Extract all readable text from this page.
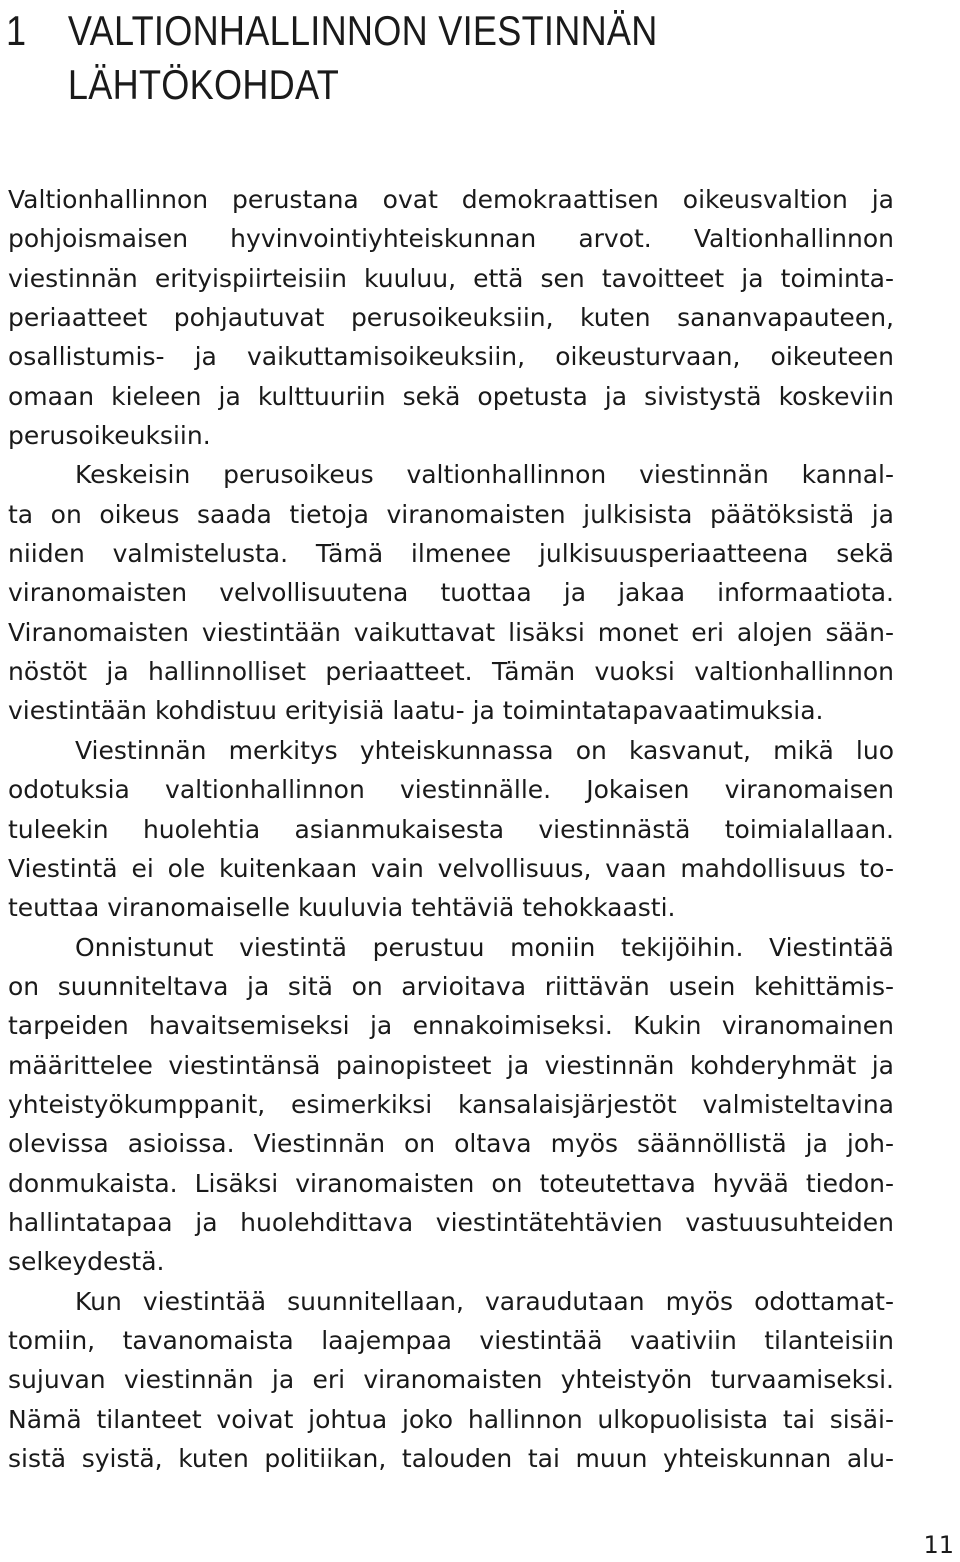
1 VALTIONHALLINNON VIESTINNÄN LÄHTÖKOHDAT
Valtionhallinnon perustana ovat demokraattisen oikeusvaltion ja
pohjoismaisen hyvinvointiyhteiskunnan arvot. Valtionhallinnon
viestinnän erityispiirteisiin kuuluu, että sen tavoitteet ja toiminta-
periaatteet pohjautuvat perusoikeuksiin, kuten sananvapauteen,
osallistumis- ja vaikuttamisoikeuksiin, oikeusturvaan, oikeuteen
omaan kieleen ja kulttuuriin sekä opetusta ja sivistystä koskeviin
perusoikeuksiin.
Keskeisin perusoikeus valtionhallinnon viestinnän kannal-
ta on oikeus saada tietoja viranomaisten julkisista päätöksistä ja
niiden valmistelusta. Tämä ilmenee julkisuusperiaatteena sekä
viranomaisten velvollisuutena tuottaa ja jakaa informaatiota.
Viranomaisten viestintään vaikuttavat lisäksi monet eri alojen sään-
nöstöt ja hallinnolliset periaatteet. Tämän vuoksi valtionhallinnon
viestintään kohdistuu erityisiä laatu- ja toimintatapavaatimuksia.
Viestinnän merkitys yhteiskunnassa on kasvanut, mikä luo
odotuksia valtionhallinnon viestinnälle. Jokaisen viranomaisen
tuleekin huolehtia asianmukaisesta viestinnästä toimialallaan.
Viestintä ei ole kuitenkaan vain velvollisuus, vaan mahdollisuus to-
teuttaa viranomaiselle kuuluvia tehtäviä tehokkaasti.
Onnistunut viestintä perustuu moniin tekijöihin. Viestintää
on suunniteltava ja sitä on arvioitava riittävän usein kehittämis-
tarpeiden havaitsemiseksi ja ennakoimiseksi. Kukin viranomainen
määrittelee viestintänsä painopisteet ja viestinnän kohderyhmät ja
yhteistyökumppanit, esimerkiksi kansalaisjärjestöt valmisteltavina
olevissa asioissa. Viestinnän on oltava myös säännöllistä ja joh-
donmukaista. Lisäksi viranomaisten on toteutettava hyvää tiedon-
hallintatapaa ja huolehdittava viestintätehtävien vastuusuhteiden
selkeydestä.
Kun viestintää suunnitellaan, varaudutaan myös odottamat-
tomiin, tavanomaista laajempaa viestintää vaativiin tilanteisiin
sujuvan viestinnän ja eri viranomaisten yhteistyön turvaamiseksi.
Nämä tilanteet voivat johtua joko hallinnon ulkopuolisista tai sisäi-
sistä syistä, kuten politiikan, talouden tai muun yhteiskunnan alu-
11
